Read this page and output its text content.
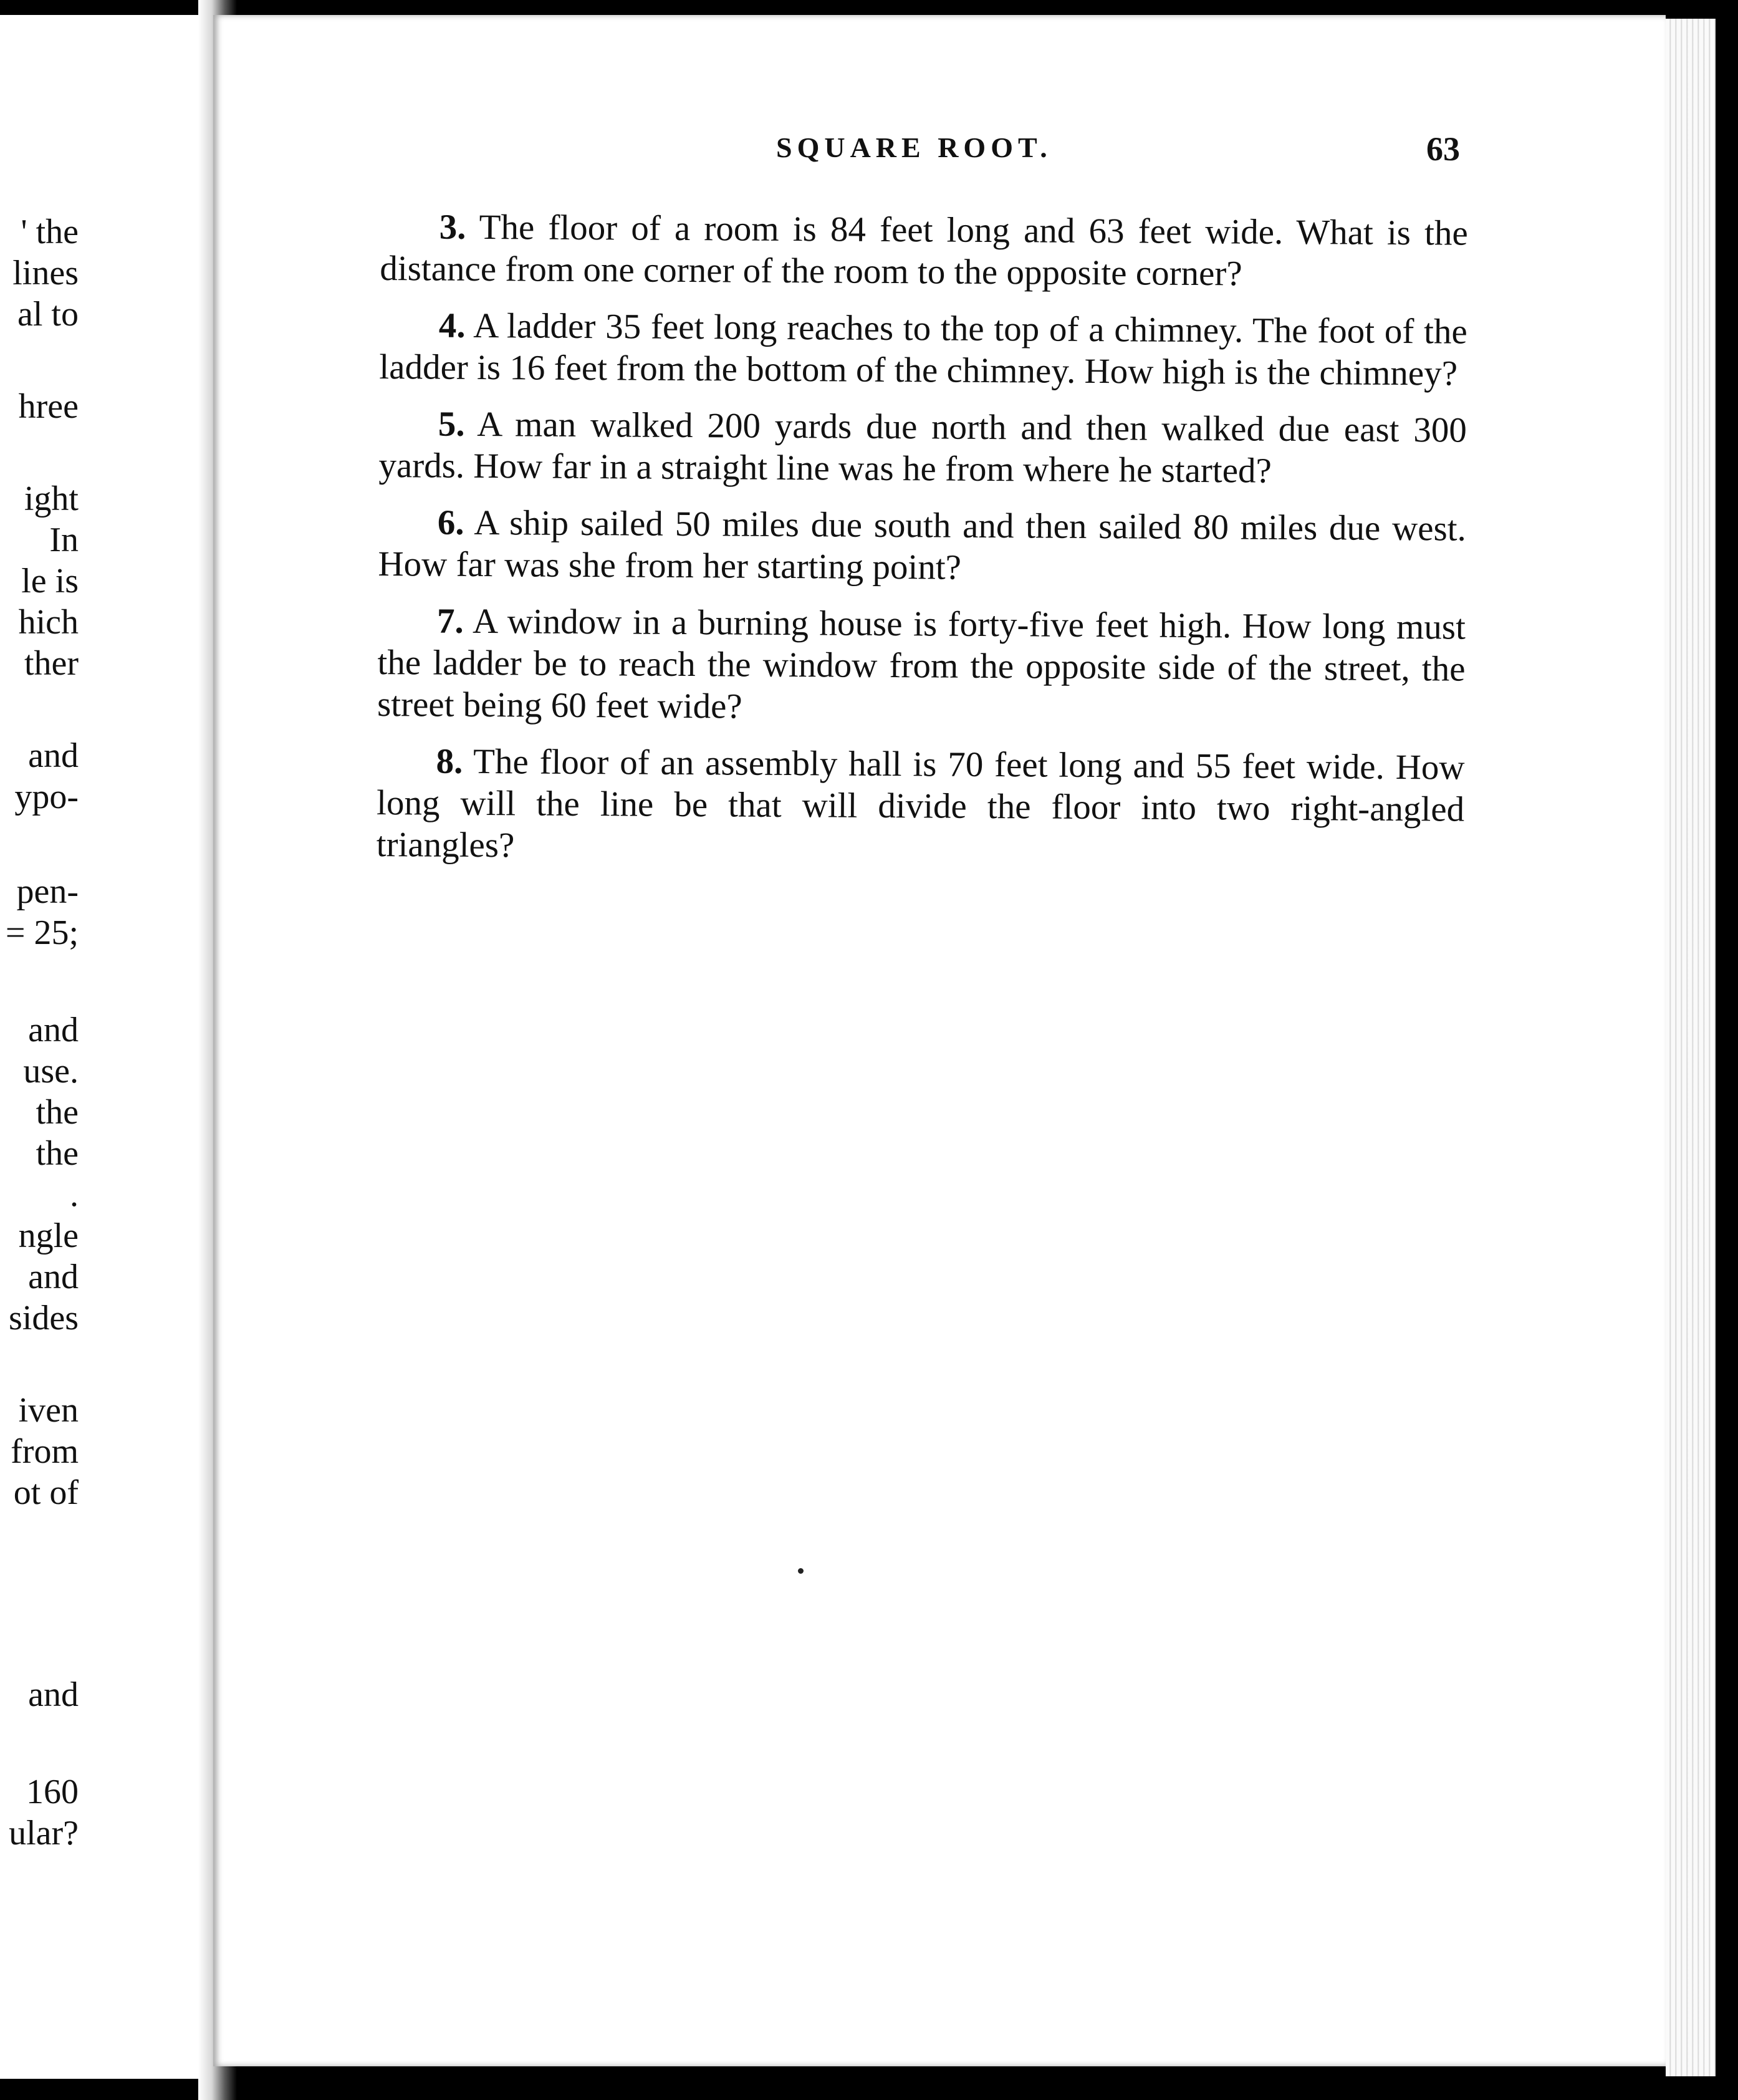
' the
lines
al to
hree
ight
In
le is
hich
ther
and
ypo-
pen-
= 25;
and
use.
the
the
.
ngle
and
sides
iven
from
ot of
and
160
ular?
SQUARE ROOT.	63

3. The floor of a room is 84 feet long and 63 feet wide. What is the distance from one corner of the room to the opposite corner?

4. A ladder 35 feet long reaches to the top of a chimney. The foot of the ladder is 16 feet from the bottom of the chimney. How high is the chimney?

5. A man walked 200 yards due north and then walked due east 300 yards. How far in a straight line was he from where he started?

6. A ship sailed 50 miles due south and then sailed 80 miles due west. How far was she from her starting point?

7. A window in a burning house is forty-five feet high. How long must the ladder be to reach the window from the opposite side of the street, the street being 60 feet wide?

8. The floor of an assembly hall is 70 feet long and 55 feet wide. How long will the line be that will divide the floor into two right-angled triangles?
